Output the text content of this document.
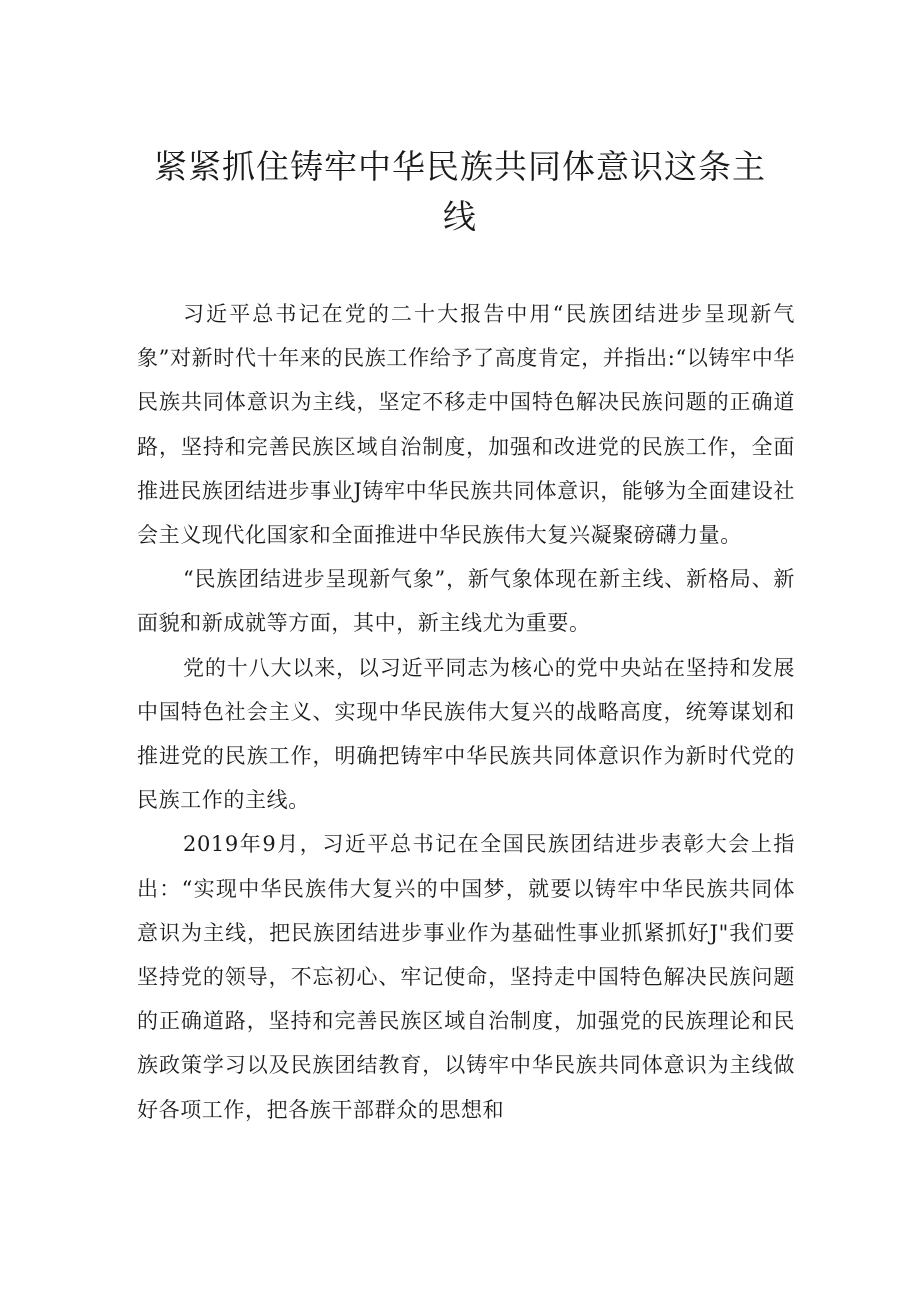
紧紧抓住铸牢中华民族共同体意识这条主线

习近平总书记在党的二十大报告中用“民族团结进步呈现新气象”对新时代十年来的民族工作给予了高度肯定，并指出:“以铸牢中华民族共同体意识为主线，坚定不移走中国特色解决民族问题的正确道路，坚持和完善民族区域自治制度，加强和改进党的民族工作，全面推进民族团结进步事业J铸牢中华民族共同体意识，能够为全面建设社会主义现代化国家和全面推进中华民族伟大复兴凝聚磅礴力量。

“民族团结进步呈现新气象”，新气象体现在新主线、新格局、新面貌和新成就等方面，其中，新主线尤为重要。

党的十八大以来，以习近平同志为核心的党中央站在坚持和发展中国特色社会主义、实现中华民族伟大复兴的战略高度，统筹谋划和推进党的民族工作，明确把铸牢中华民族共同体意识作为新时代党的民族工作的主线。

2019年9月，习近平总书记在全国民族团结进步表彰大会上指出：“实现中华民族伟大复兴的中国梦，就要以铸牢中华民族共同体意识为主线，把民族团结进步事业作为基础性事业抓紧抓好J"我们要坚持党的领导，不忘初心、牢记使命，坚持走中国特色解决民族问题的正确道路，坚持和完善民族区域自治制度，加强党的民族理论和民族政策学习以及民族团结教育，以铸牢中华民族共同体意识为主线做好各项工作，把各族干部群众的思想和
